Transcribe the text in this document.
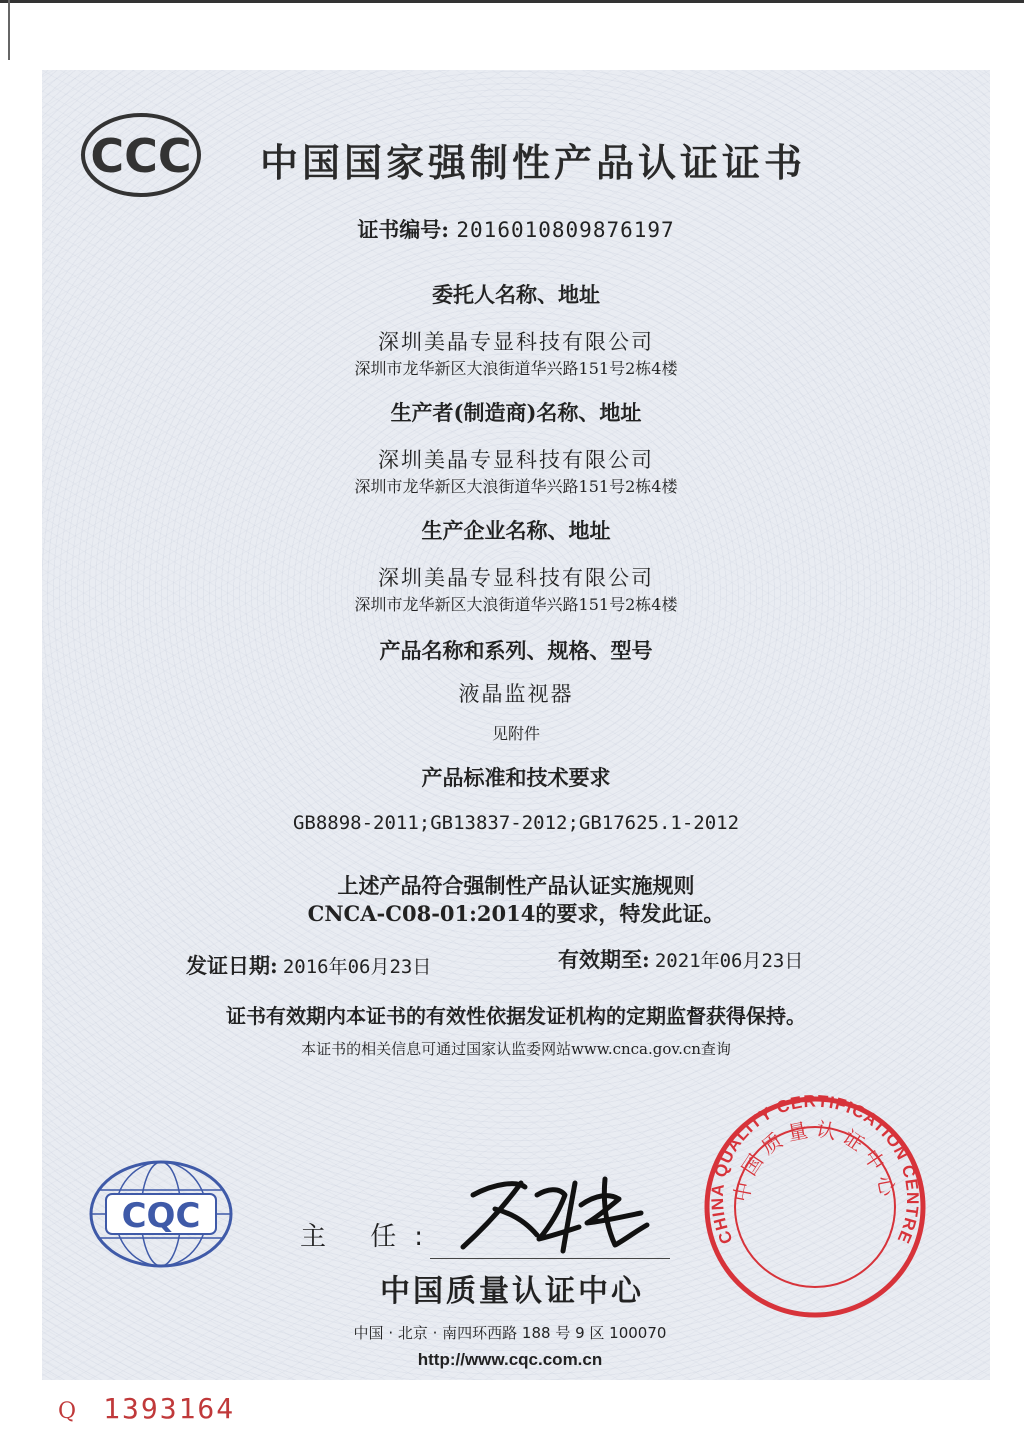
CCC 中国国家强制性产品认证证书
证书编号: 2016010809876197
委托人名称、地址
深圳美晶专显科技有限公司
深圳市龙华新区大浪街道华兴路151号2栋4楼
生产者(制造商)名称、地址
深圳美晶专显科技有限公司
深圳市龙华新区大浪街道华兴路151号2栋4楼
生产企业名称、地址
深圳美晶专显科技有限公司
深圳市龙华新区大浪街道华兴路151号2栋4楼
产品名称和系列、规格、型号
液晶监视器
见附件
产品标准和技术要求
GB8898-2011;GB13837-2012;GB17625.1-2012
上述产品符合强制性产品认证实施规则
CNCA-C08-01:2014的要求，特发此证。
发证日期: 2016年06月23日	有效期至: 2021年06月23日
证书有效期内本证书的有效性依据发证机构的定期监督获得保持。
本证书的相关信息可通过国家认监委网站www.cnca.gov.cn查询
CQC
主 任:
中国质量认证中心
中国 · 北京 · 南四环西路 188 号 9 区 100070
http://www.cqc.com.cn
CHINA QUALITY CERTIFICATION CENTRE
中国质量认证中心
Q 1393164
